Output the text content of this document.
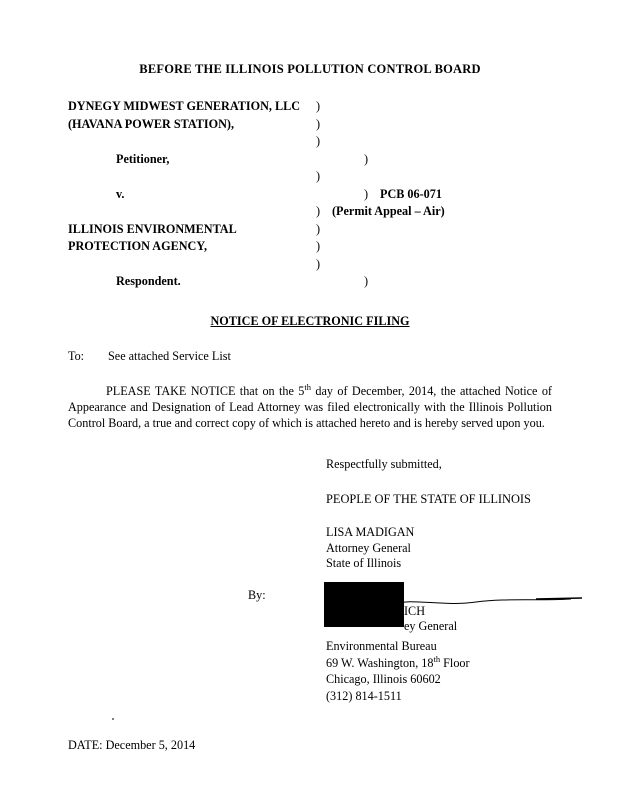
BEFORE THE ILLINOIS POLLUTION CONTROL BOARD
DYNEGY MIDWEST GENERATION, LLC	)
(HAVANA POWER STATION),	)
)
Petitioner,	)
)
v.	) PCB 06-071
) (Permit Appeal – Air)
ILLINOIS ENVIRONMENTAL	)
PROTECTION AGENCY,	)
)
Respondent.	)
NOTICE OF ELECTRONIC FILING
To:	See attached Service List
PLEASE TAKE NOTICE that on the 5th day of December, 2014, the attached Notice of Appearance and Designation of Lead Attorney was filed electronically with the Illinois Pollution Control Board, a true and correct copy of which is attached hereto and is hereby served upon you.
Respectfully submitted,
PEOPLE OF THE STATE OF ILLINOIS
LISA MADIGAN
Attorney General
State of Illinois
By:
ICH
ey General
Environmental Bureau
69 W. Washington, 18th Floor
Chicago, Illinois 60602
(312) 814-1511
DATE: December 5, 2014
